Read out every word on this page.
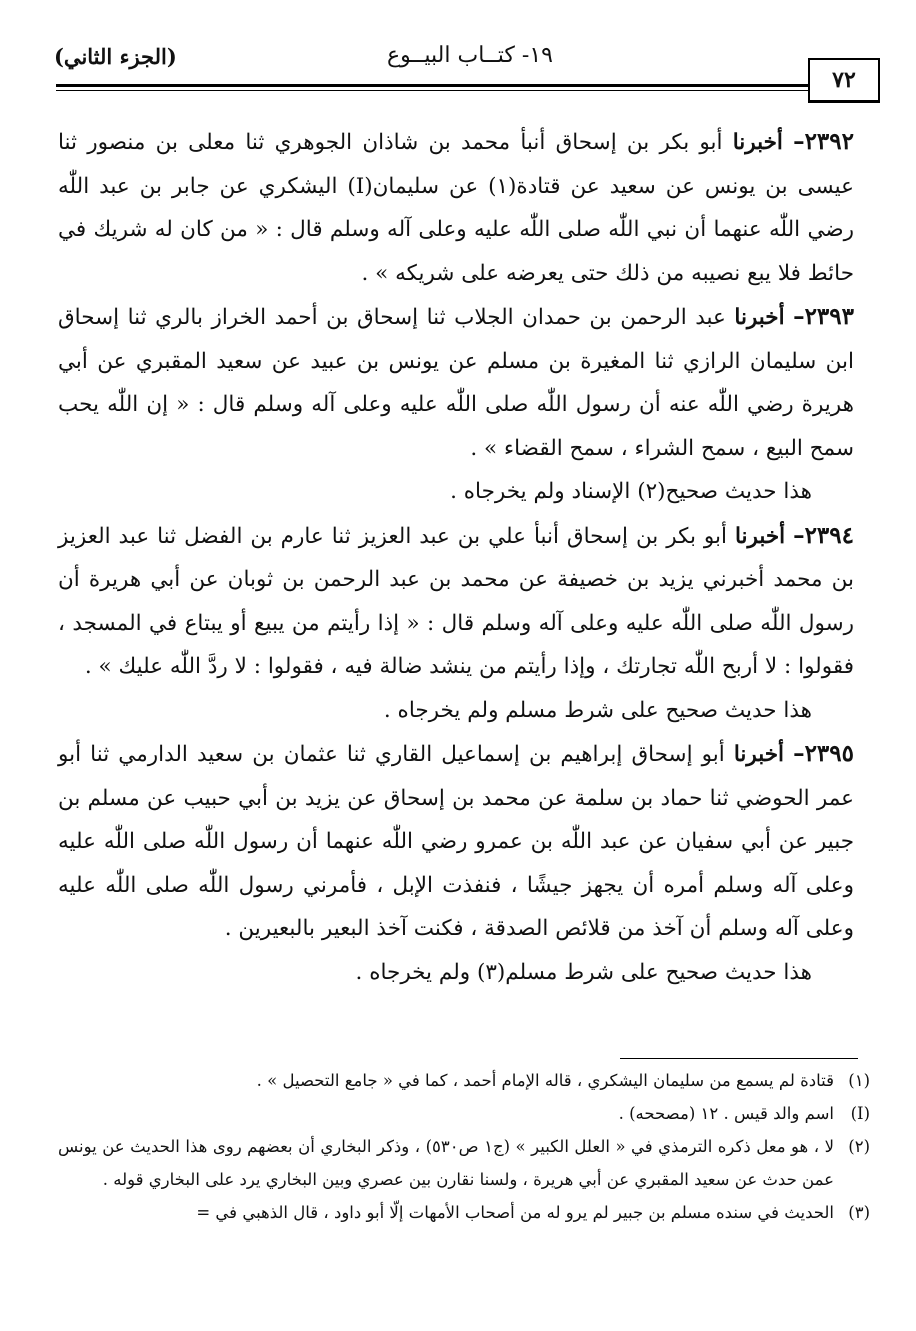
(الجزء الثاني)	١٩- كتــاب البيــوع
٧٢

٢٣٩٢– أخبرنا أبو بكر بن إسحاق أنبأ محمد بن شاذان الجوهري ثنا معلى بن منصور ثنا عيسى بن يونس عن سعيد عن قتادة(١) عن سليمان(I) اليشكري عن جابر بن عبد اللّٰه رضي اللّٰه عنهما أن نبي اللّٰه صلى اللّٰه عليه وعلى آله وسلم قال : « من كان له شريك في حائط فلا يبع نصيبه من ذلك حتى يعرضه على شريكه » .

٢٣٩٣– أخبرنا عبد الرحمن بن حمدان الجلاب ثنا إسحاق بن أحمد الخراز بالري ثنا إسحاق ابن سليمان الرازي ثنا المغيرة بن مسلم عن يونس بن عبيد عن سعيد المقبري عن أبي هريرة رضي اللّٰه عنه أن رسول اللّٰه صلى اللّٰه عليه وعلى آله وسلم قال : « إن اللّٰه يحب سمح البيع ، سمح الشراء ، سمح القضاء » .

هذا حديث صحيح(٢) الإسناد ولم يخرجاه .

٢٣٩٤– أخبرنا أبو بكر بن إسحاق أنبأ علي بن عبد العزيز ثنا عارم بن الفضل ثنا عبد العزيز بن محمد أخبرني يزيد بن خصيفة عن محمد بن عبد الرحمن بن ثوبان عن أبي هريرة أن رسول اللّٰه صلى اللّٰه عليه وعلى آله وسلم قال : « إذا رأيتم من يبيع أو يبتاع في المسجد ، فقولوا : لا أربح اللّٰه تجارتك ، وإذا رأيتم من ينشد ضالة فيه ، فقولوا : لا ردَّ اللّٰه عليك » .

هذا حديث صحيح على شرط مسلم ولم يخرجاه .

٢٣٩٥– أخبرنا أبو إسحاق إبراهيم بن إسماعيل القاري ثنا عثمان بن سعيد الدارمي ثنا أبو عمر الحوضي ثنا حماد بن سلمة عن محمد بن إسحاق عن يزيد بن أبي حبيب عن مسلم بن جبير عن أبي سفيان عن عبد اللّٰه بن عمرو رضي اللّٰه عنهما أن رسول اللّٰه صلى اللّٰه عليه وعلى آله وسلم أمره أن يجهز جيشًا ، فنفذت الإبل ، فأمرني رسول اللّٰه صلى اللّٰه عليه وعلى آله وسلم أن آخذ من قلائص الصدقة ، فكنت آخذ البعير بالبعيرين .

هذا حديث صحيح على شرط مسلم(٣) ولم يخرجاه .

(١)
قتادة لم يسمع من سليمان اليشكري ، قاله الإمام أحمد ، كما في « جامع التحصيل » .
(I)
اسم والد قيس . ١٢ (مصححه) .
(٢)
لا ، هو معل ذكره الترمذي في « العلل الكبير » (ج١ ص٥٣٠) ، وذكر البخاري أن بعضهم روى هذا الحديث عن يونس عمن حدث عن سعيد المقبري عن أبي هريرة ، ولسنا نقارن بين عصري وبين البخاري يرد على البخاري قوله .
(٣)
الحديث في سنده مسلم بن جبير لم يرو له من أصحاب الأمهات إلّا أبو داود ، قال الذهبي في =
